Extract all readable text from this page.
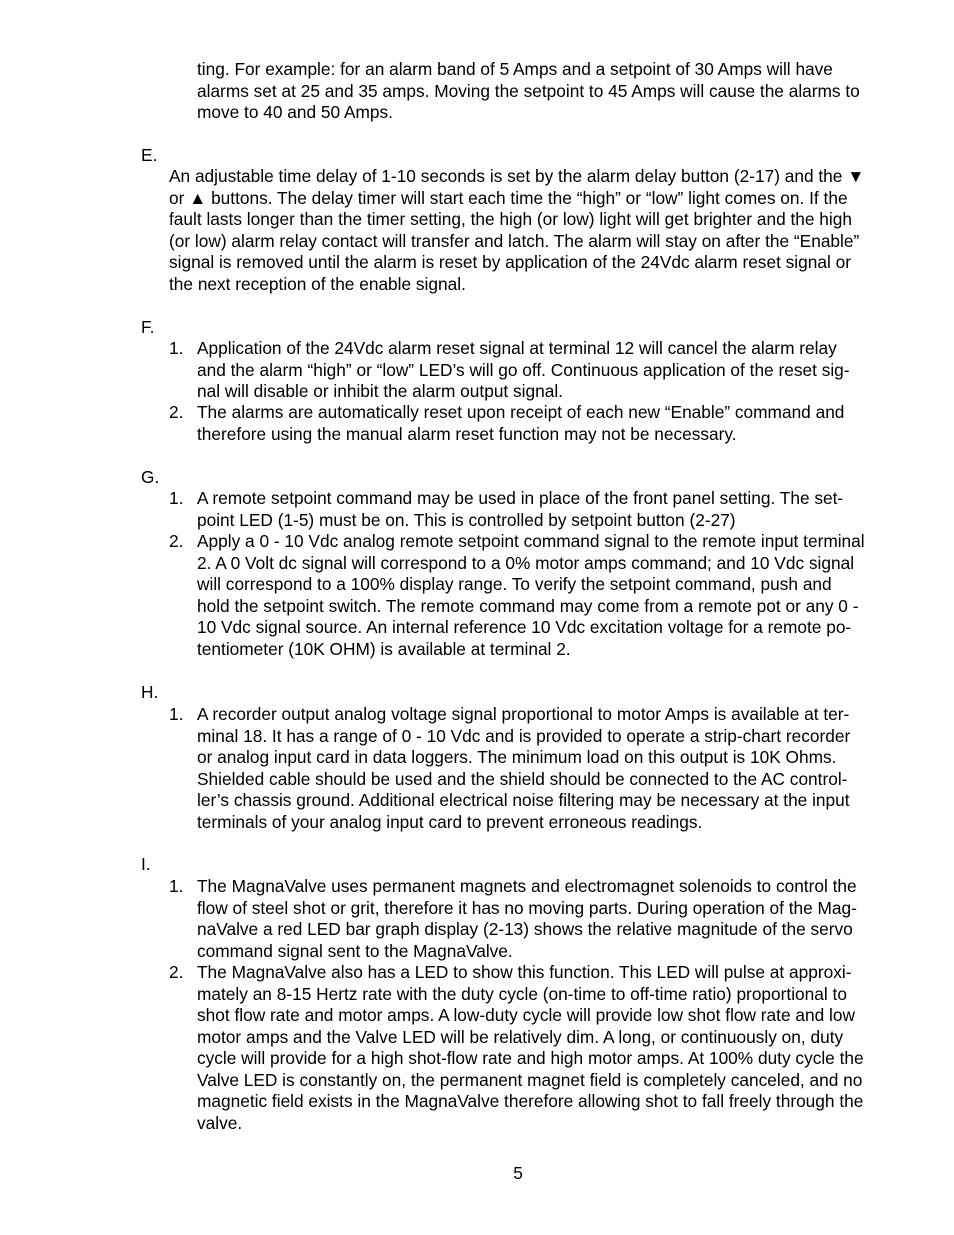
ting. For example: for an alarm band of 5 Amps and a setpoint of 30 Amps will have
alarms set at 25 and 35 amps. Moving the setpoint to 45 Amps will cause the alarms to
move to 40 and 50 Amps.
E.
An adjustable time delay of 1-10 seconds is set by the alarm delay button (2-17) and the ▼
or ▲ buttons. The delay timer will start each time the “high” or “low” light comes on. If the
fault lasts longer than the timer setting, the high (or low) light will get brighter and the high
(or low) alarm relay contact will transfer and latch. The alarm will stay on after the “Enable”
signal is removed until the alarm is reset by application of the 24Vdc alarm reset signal or
the next reception of the enable signal.
F.
1. Application of the 24Vdc alarm reset signal at terminal 12 will cancel the alarm relay
and the alarm “high” or “low” LED’s will go off. Continuous application of the reset sig-
nal will disable or inhibit the alarm output signal.
2. The alarms are automatically reset upon receipt of each new “Enable” command and
therefore using the manual alarm reset function may not be necessary.
G.
1. A remote setpoint command may be used in place of the front panel setting. The set-
point LED (1-5) must be on. This is controlled by setpoint button (2-27)
2. Apply a 0 - 10 Vdc analog remote setpoint command signal to the remote input terminal
2. A 0 Volt dc signal will correspond to a 0% motor amps command; and 10 Vdc signal
will correspond to a 100% display range. To verify the setpoint command, push and
hold the setpoint switch. The remote command may come from a remote pot or any 0 -
10 Vdc signal source. An internal reference 10 Vdc excitation voltage for a remote po-
tentiometer (10K OHM) is available at terminal 2.
H.
1. A recorder output analog voltage signal proportional to motor Amps is available at ter-
minal 18. It has a range of 0 - 10 Vdc and is provided to operate a strip-chart recorder
or analog input card in data loggers. The minimum load on this output is 10K Ohms.
Shielded cable should be used and the shield should be connected to the AC control-
ler’s chassis ground. Additional electrical noise filtering may be necessary at the input
terminals of your analog input card to prevent erroneous readings.
I.
1. The MagnaValve uses permanent magnets and electromagnet solenoids to control the
flow of steel shot or grit, therefore it has no moving parts. During operation of the Mag-
naValve a red LED bar graph display (2-13) shows the relative magnitude of the servo
command signal sent to the MagnaValve.
2. The MagnaValve also has a LED to show this function. This LED will pulse at approxi-
mately an 8-15 Hertz rate with the duty cycle (on-time to off-time ratio) proportional to
shot flow rate and motor amps. A low-duty cycle will provide low shot flow rate and low
motor amps and the Valve LED will be relatively dim. A long, or continuously on, duty
cycle will provide for a high shot-flow rate and high motor amps. At 100% duty cycle the
Valve LED is constantly on, the permanent magnet field is completely canceled, and no
magnetic field exists in the MagnaValve therefore allowing shot to fall freely through the
valve.
5
